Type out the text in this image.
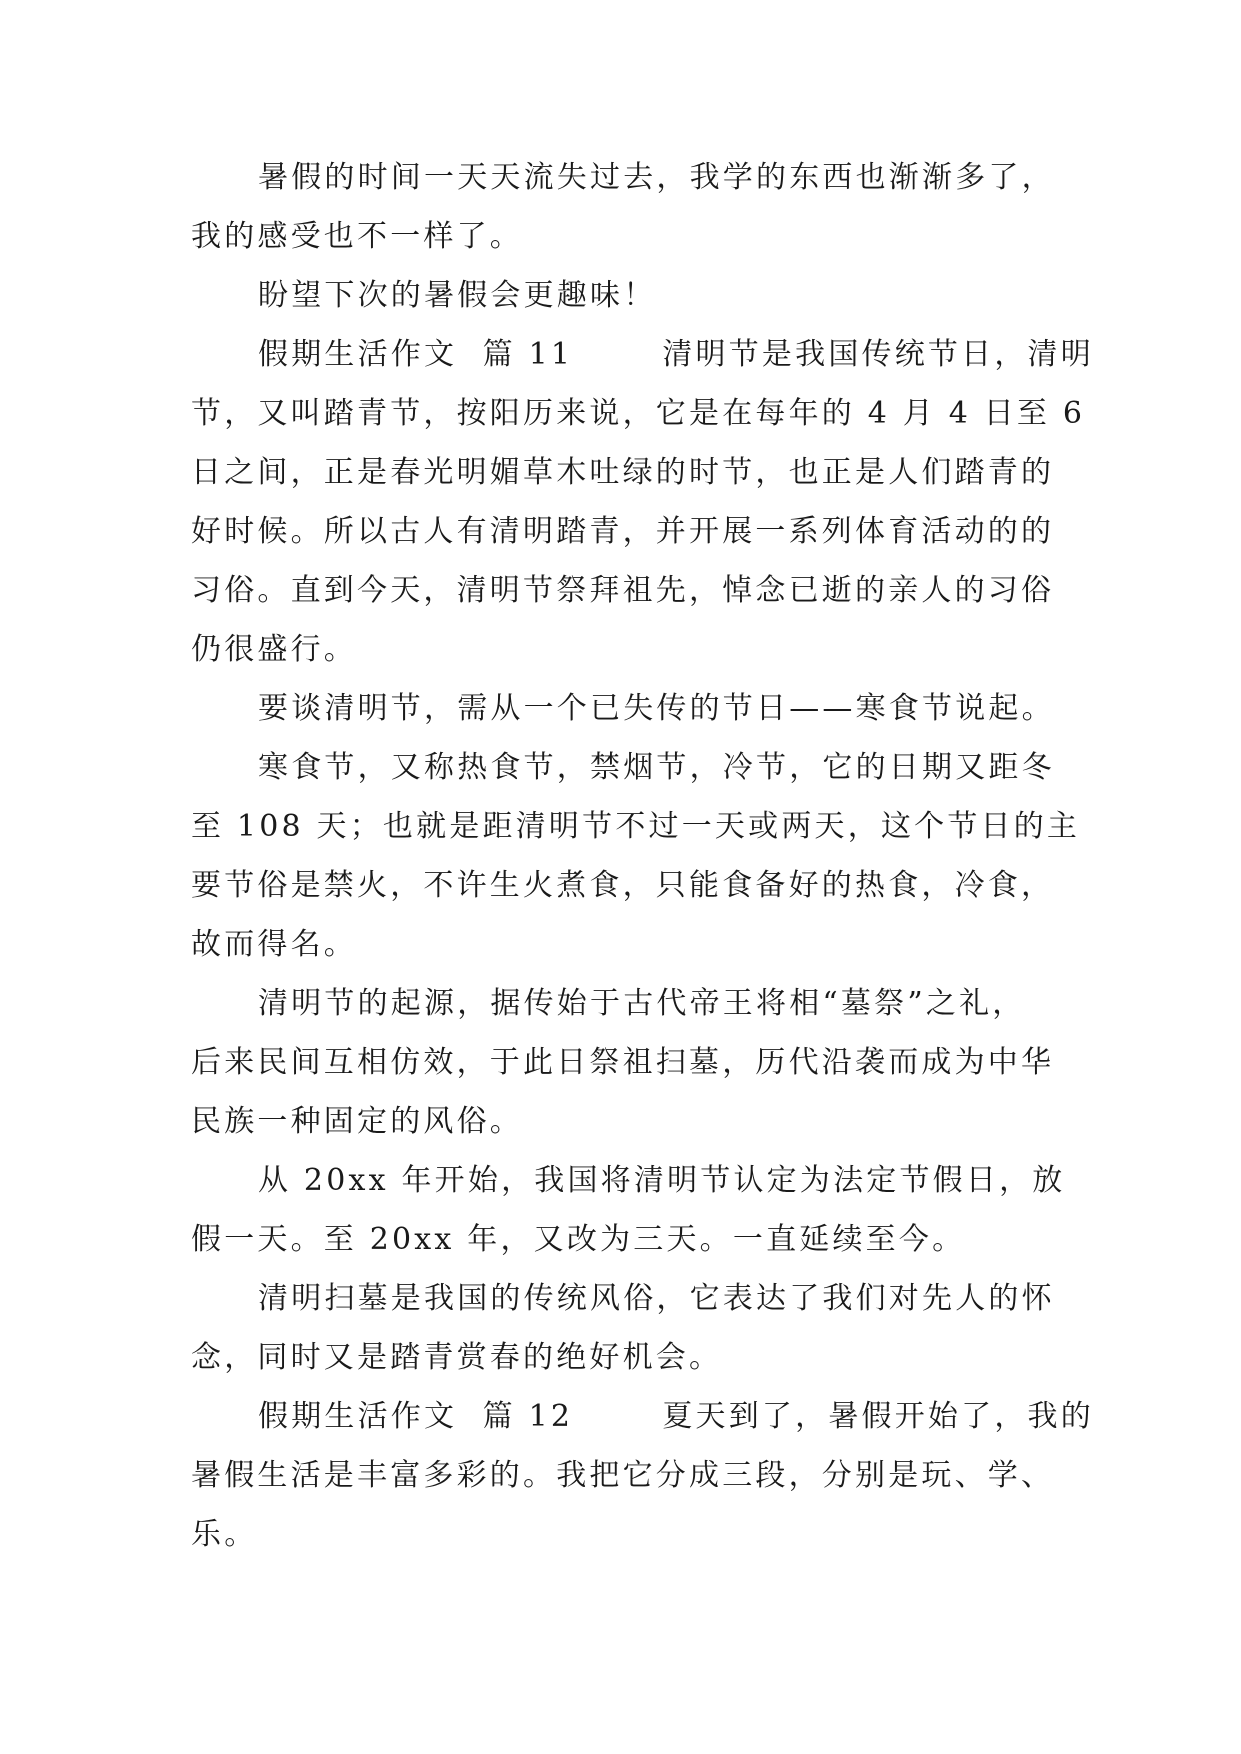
暑假的时间一天天流失过去，我学的东西也渐渐多了，
我的感受也不一样了。
盼望下次的暑假会更趣味！
假期生活作文  篇 11       清明节是我国传统节日，清明
节，又叫踏青节，按阳历来说，它是在每年的 4 月 4 日至 6
日之间，正是春光明媚草木吐绿的时节，也正是人们踏青的
好时候。所以古人有清明踏青，并开展一系列体育活动的的
习俗。直到今天，清明节祭拜祖先，悼念已逝的亲人的习俗
仍很盛行。
要谈清明节，需从一个已失传的节日——寒食节说起。
寒食节，又称热食节，禁烟节，冷节，它的日期又距冬
至 108 天；也就是距清明节不过一天或两天，这个节日的主
要节俗是禁火，不许生火煮食，只能食备好的热食，冷食，
故而得名。
清明节的起源，据传始于古代帝王将相“墓祭”之礼，
后来民间互相仿效，于此日祭祖扫墓，历代沿袭而成为中华
民族一种固定的风俗。
从 20xx 年开始，我国将清明节认定为法定节假日，放
假一天。至 20xx 年，又改为三天。一直延续至今。
清明扫墓是我国的传统风俗，它表达了我们对先人的怀
念，同时又是踏青赏春的绝好机会。
假期生活作文  篇 12       夏天到了，暑假开始了，我的
暑假生活是丰富多彩的。我把它分成三段，分别是玩、学、
乐。
